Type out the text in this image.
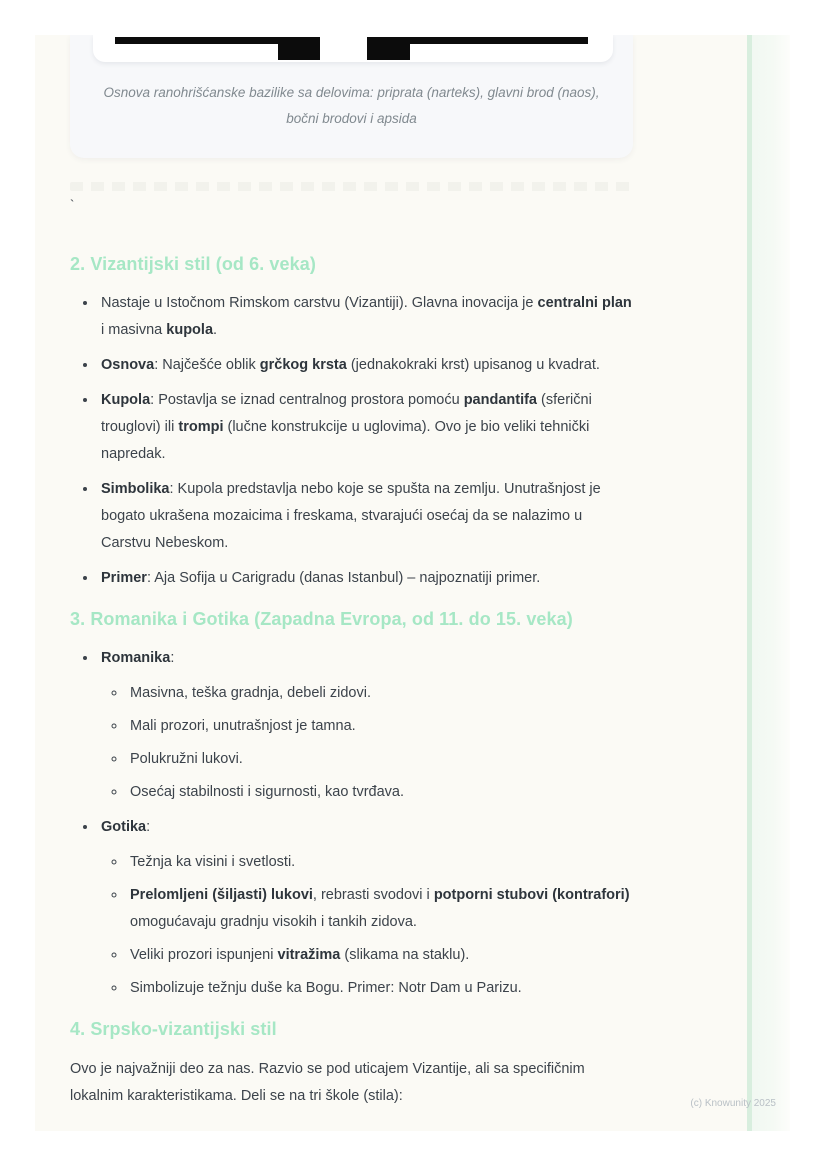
Osnova ranohrišćanske bazilike sa delovima: priprata (narteks), glavni brod (naos), bočni brodovi i apsida
`
2. Vizantijski stil (od 6. veka)
• Nastaje u Istočnom Rimskom carstvu (Vizantiji). Glavna inovacija je centralni plan i masivna kupola.
• Osnova: Najčešće oblik grčkog krsta (jednakokraki krst) upisanog u kvadrat.
• Kupola: Postavlja se iznad centralnog prostora pomoću pandantifa (sferični trouglovi) ili trompi (lučne konstrukcije u uglovima). Ovo je bio veliki tehnički napredak.
• Simbolika: Kupola predstavlja nebo koje se spušta na zemlju. Unutrašnjost je bogato ukrašena mozaicima i freskama, stvarajući osećaj da se nalazimo u Carstvu Nebeskom.
• Primer: Aja Sofija u Carigradu (danas Istanbul) – najpoznatiji primer.
3. Romanika i Gotika (Zapadna Evropa, od 11. do 15. veka)
• Romanika:
◦ Masivna, teška gradnja, debeli zidovi.
◦ Mali prozori, unutrašnjost je tamna.
◦ Polukružni lukovi.
◦ Osećaj stabilnosti i sigurnosti, kao tvrđava.
• Gotika:
◦ Težnja ka visini i svetlosti.
◦ Prelomljeni (šiljasti) lukovi, rebrasti svodovi i potporni stubovi (kontrafori) omogućavaju gradnju visokih i tankih zidova.
◦ Veliki prozori ispunjeni vitražima (slikama na staklu).
◦ Simbolizuje težnju duše ka Bogu. Primer: Notr Dam u Parizu.
4. Srpsko-vizantijski stil
Ovo je najvažniji deo za nas. Razvio se pod uticajem Vizantije, ali sa specifičnim lokalnim karakteristikama. Deli se na tri škole (stila):	(c) Knowunity 2025
